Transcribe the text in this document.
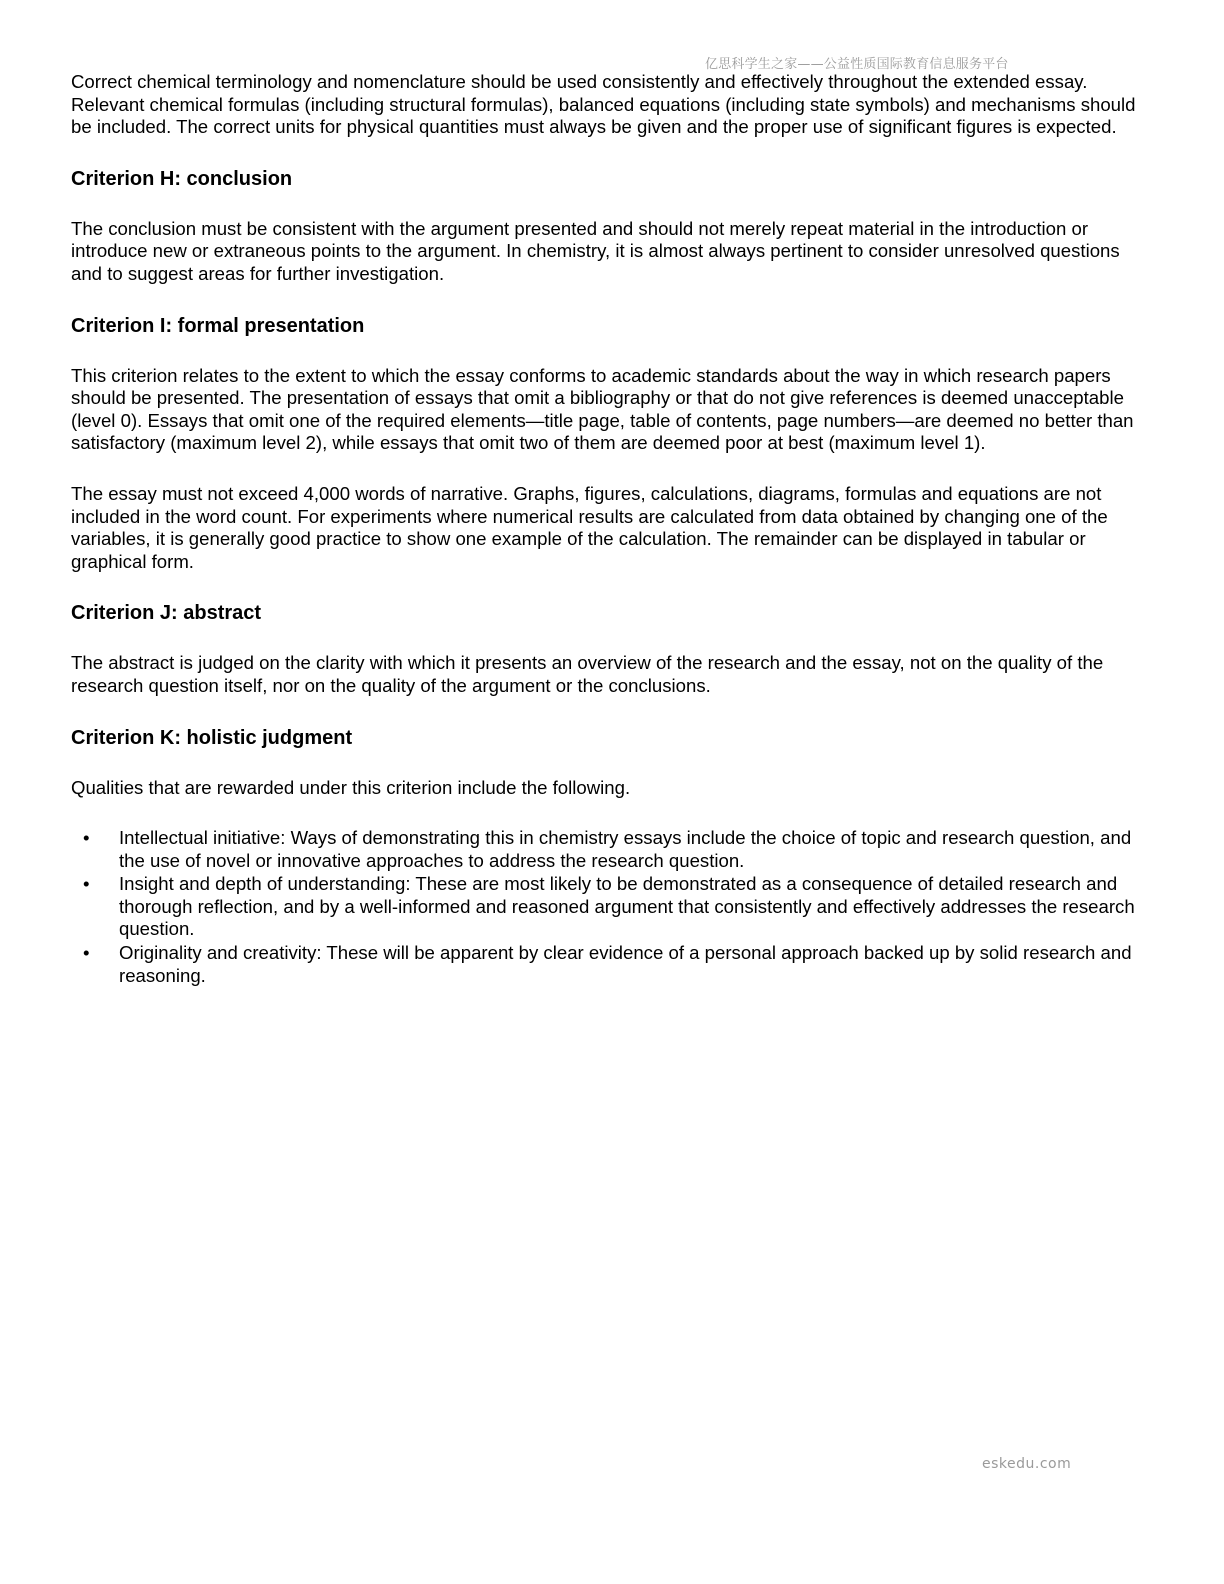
亿思科学生之家——公益性质国际教育信息服务平台

Correct chemical terminology and nomenclature should be used consistently and effectively throughout the extended essay. Relevant chemical formulas (including structural formulas), balanced equations (including state symbols) and mechanisms should be included. The correct units for physical quantities must always be given and the proper use of significant figures is expected.

Criterion H: conclusion

The conclusion must be consistent with the argument presented and should not merely repeat material in the introduction or introduce new or extraneous points to the argument. In chemistry, it is almost always pertinent to consider unresolved questions and to suggest areas for further investigation.

Criterion I: formal presentation

This criterion relates to the extent to which the essay conforms to academic standards about the way in which research papers should be presented. The presentation of essays that omit a bibliography or that do not give references is deemed unacceptable (level 0). Essays that omit one of the required elements—title page, table of contents, page numbers—are deemed no better than satisfactory (maximum level 2), while essays that omit two of them are deemed poor at best (maximum level 1).

The essay must not exceed 4,000 words of narrative. Graphs, figures, calculations, diagrams, formulas and equations are not included in the word count. For experiments where numerical results are calculated from data obtained by changing one of the variables, it is generally good practice to show one example of the calculation. The remainder can be displayed in tabular or graphical form.

Criterion J: abstract

The abstract is judged on the clarity with which it presents an overview of the research and the essay, not on the quality of the research question itself, nor on the quality of the argument or the conclusions.

Criterion K: holistic judgment

Qualities that are rewarded under this criterion include the following.

• Intellectual initiative: Ways of demonstrating this in chemistry essays include the choice of topic and research question, and the use of novel or innovative approaches to address the research question.
• Insight and depth of understanding: These are most likely to be demonstrated as a consequence of detailed research and thorough reflection, and by a well-informed and reasoned argument that consistently and effectively addresses the research question.
• Originality and creativity: These will be apparent by clear evidence of a personal approach backed up by solid research and reasoning.
eskedu.com
